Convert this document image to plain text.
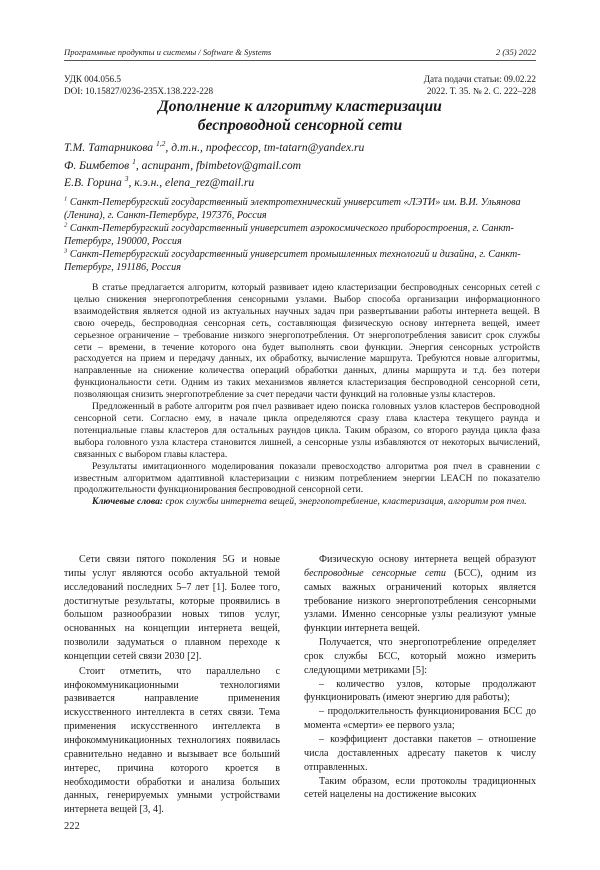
Программные продукты и системы / Software & Systems	2 (35) 2022
УДК 004.056.5
DOI: 10.15827/0236-235X.138.222-228
Дата подачи статьи: 09.02.22
2022. Т. 35. № 2. С. 222–228
Дополнение к алгоритму кластеризации
беспроводной сенсорной сети
Т.М. Татарникова $^{1,2}$, д.т.н., профессор, tm-tatarn@yandex.ru
Ф. Бимбетов $^1$, аспирант, fbimbetov@gmail.com
Е.В. Горина $^3$, к.э.н., elena_rez@mail.ru
$^1$ Санкт-Петербургский государственный электротехнический университет «ЛЭТИ» им. В.И. Ульянова (Ленина), г. Санкт-Петербург, 197376, Россия
$^2$ Санкт-Петербургский государственный университет аэрокосмического приборостроения, г. Санкт-Петербург, 190000, Россия
$^3$ Санкт-Петербургский государственный университет промышленных технологий и дизайна, г. Санкт-Петербург, 191186, Россия

В статье предлагается алгоритм, который развивает идею кластеризации беспроводных сенсорных сетей с целью снижения энергопотребления сенсорными узлами. Выбор способа организации информационного взаимодействия является одной из актуальных научных задач при развертывании работы интернета вещей. В свою очередь, беспроводная сенсорная сеть, составляющая физическую основу интернета вещей, имеет серьезное ограничение – требование низкого энергопотребления. От энергопотребления зависит срок службы сети – времени, в течение которого она будет выполнять свои функции. Энергия сенсорных устройств расходуется на прием и передачу данных, их обработку, вычисление маршрута. Требуются новые алгоритмы, направленные на снижение количества операций обработки данных, длины маршрута и т.д. без потери функциональности сети. Одним из таких механизмов является кластеризация беспроводной сенсорной сети, позволяющая снизить энергопотребление за счет передачи части функций на головные узлы кластеров.

Предложенный в работе алгоритм роя пчел развивает идею поиска головных узлов кластеров беспроводной сенсорной сети. Согласно ему, в начале цикла определяются сразу глава кластера текущего раунда и потенциальные главы кластеров для остальных раундов цикла. Таким образом, со второго раунда цикла фаза выбора головного узла кластера становится лишней, а сенсорные узлы избавляются от некоторых вычислений, связанных с выбором главы кластера.

Результаты имитационного моделирования показали превосходство алгоритма роя пчел в сравнении с известным алгоритмом адаптивной кластеризации с низким потреблением энергии LEACH по показателю продолжительности функционирования беспроводной сенсорной сети.

Ключевые слова: срок службы интернета вещей, энергопотребление, кластеризация, алгоритм роя пчел.

Сети связи пятого поколения 5G и новые типы услуг являются особо актуальной темой исследований последних 5–7 лет [1]. Более того, достигнутые результаты, которые проявились в большом разнообразии новых типов услуг, основанных на концепции интернета вещей, позволили задуматься о плавном переходе к концепции сетей связи 2030 [2].

Стоит отметить, что параллельно с инфокоммуникационными технологиями развивается направление применения искусственного интеллекта в сетях связи. Тема применения искусственного интеллекта в инфокоммуникационных технологиях появилась сравнительно недавно и вызывает все больший интерес, причина которого кроется в необходимости обработки и анализа больших данных, генерируемых умными устройствами интернета вещей [3, 4].

Физическую основу интернета вещей образуют беспроводные сенсорные сети (БСС), одним из самых важных ограничений которых является требование низкого энергопотребления сенсорными узлами. Именно сенсорные узлы реализуют умные функции интернета вещей.

Получается, что энергопотребление определяет срок службы БСС, который можно измерить следующими метриками [5]:

– количество узлов, которые продолжают функционировать (имеют энергию для работы);

– продолжительность функционирования БСС до момента «смерти» ее первого узла;

– коэффициент доставки пакетов – отношение числа доставленных адресату пакетов к числу отправленных.

Таким образом, если протоколы традиционных сетей нацелены на достижение высоких

222
